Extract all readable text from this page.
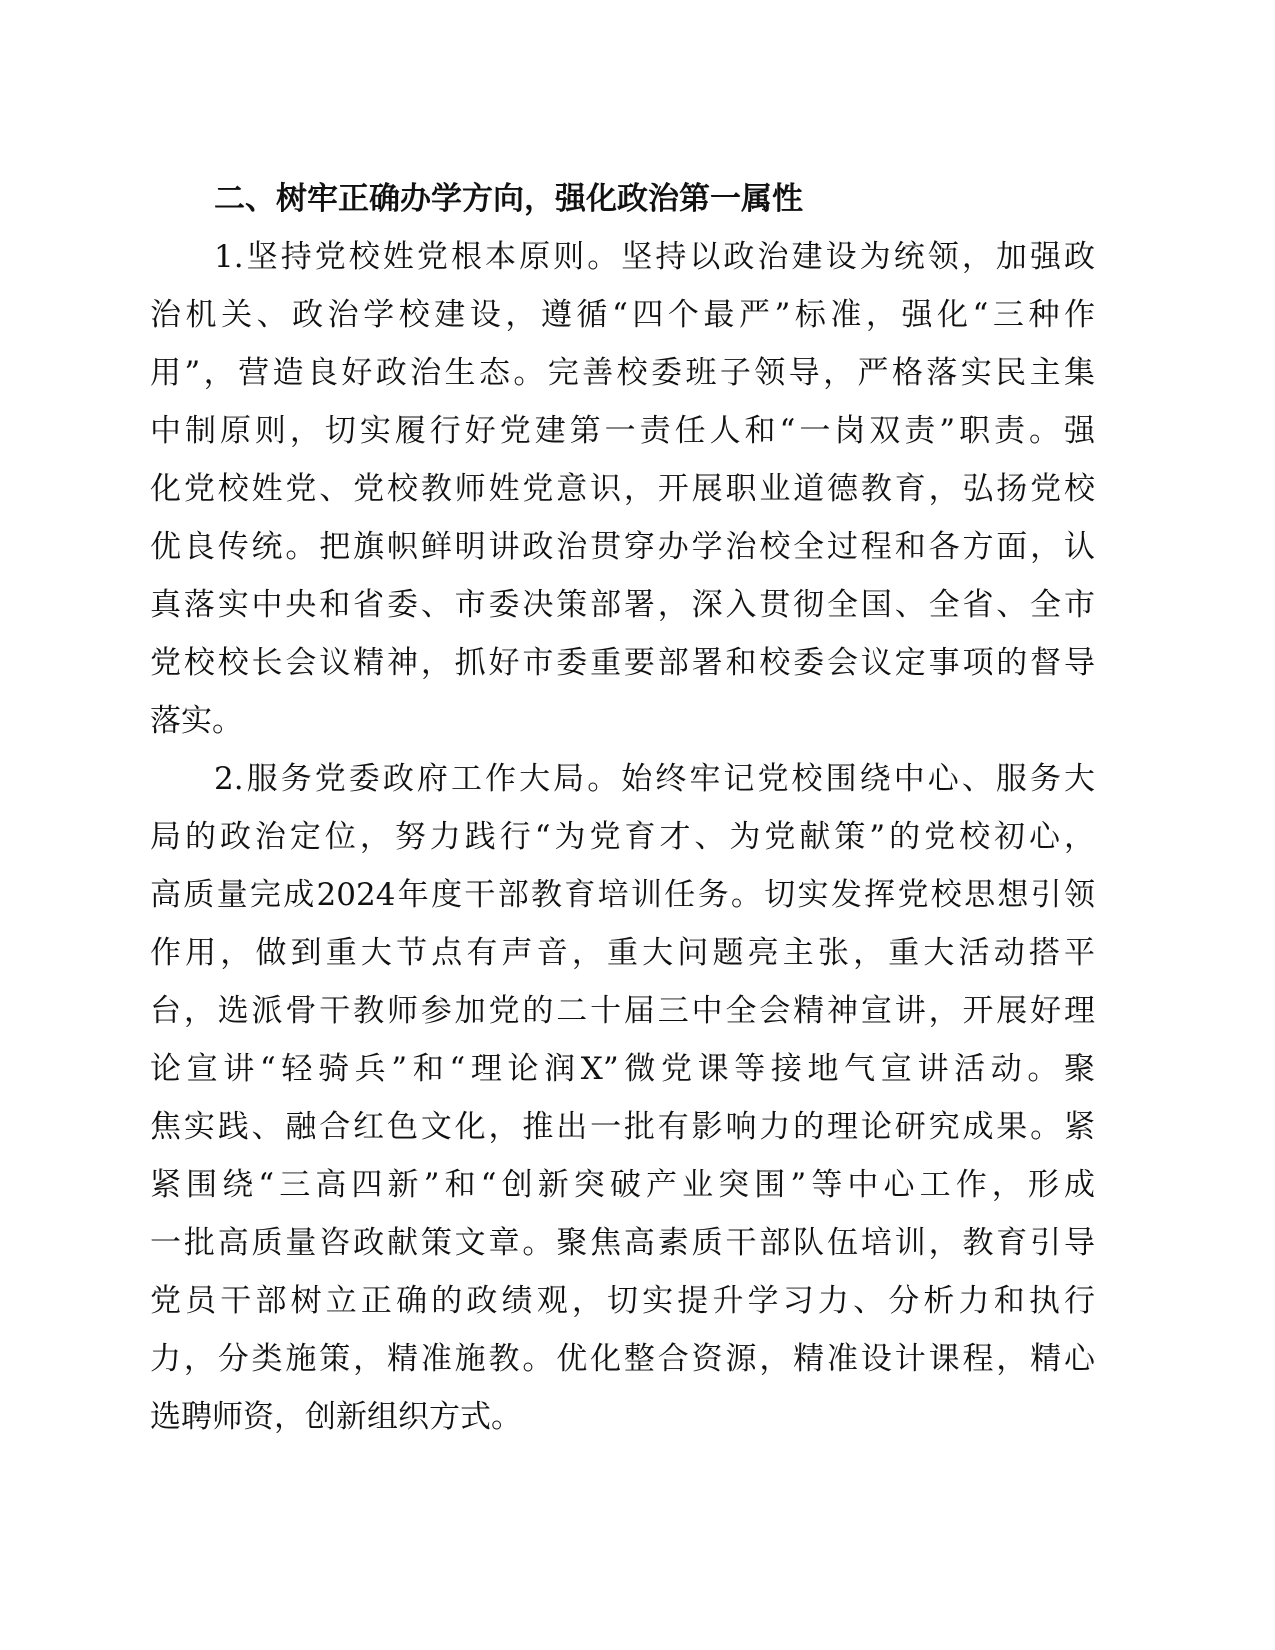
二、树牢正确办学方向，强化政治第一属性
1.坚持党校姓党根本原则。坚持以政治建设为统领，加强政
治机关、政治学校建设，遵循“四个最严”标准，强化“三种作
用”，营造良好政治生态。完善校委班子领导，严格落实民主集
中制原则，切实履行好党建第一责任人和“一岗双责”职责。强
化党校姓党、党校教师姓党意识，开展职业道德教育，弘扬党校
优良传统。把旗帜鲜明讲政治贯穿办学治校全过程和各方面，认
真落实中央和省委、市委决策部署，深入贯彻全国、全省、全市
党校校长会议精神，抓好市委重要部署和校委会议定事项的督导
落实。
2.服务党委政府工作大局。始终牢记党校围绕中心、服务大
局的政治定位，努力践行“为党育才、为党献策”的党校初心，
高质量完成2024年度干部教育培训任务。切实发挥党校思想引领
作用，做到重大节点有声音，重大问题亮主张，重大活动搭平
台，选派骨干教师参加党的二十届三中全会精神宣讲，开展好理
论宣讲“轻骑兵”和“理论润X”微党课等接地气宣讲活动。聚
焦实践、融合红色文化，推出一批有影响力的理论研究成果。紧
紧围绕“三高四新”和“创新突破产业突围”等中心工作，形成
一批高质量咨政献策文章。聚焦高素质干部队伍培训，教育引导
党员干部树立正确的政绩观，切实提升学习力、分析力和执行
力，分类施策，精准施教。优化整合资源，精准设计课程，精心
选聘师资，创新组织方式。
